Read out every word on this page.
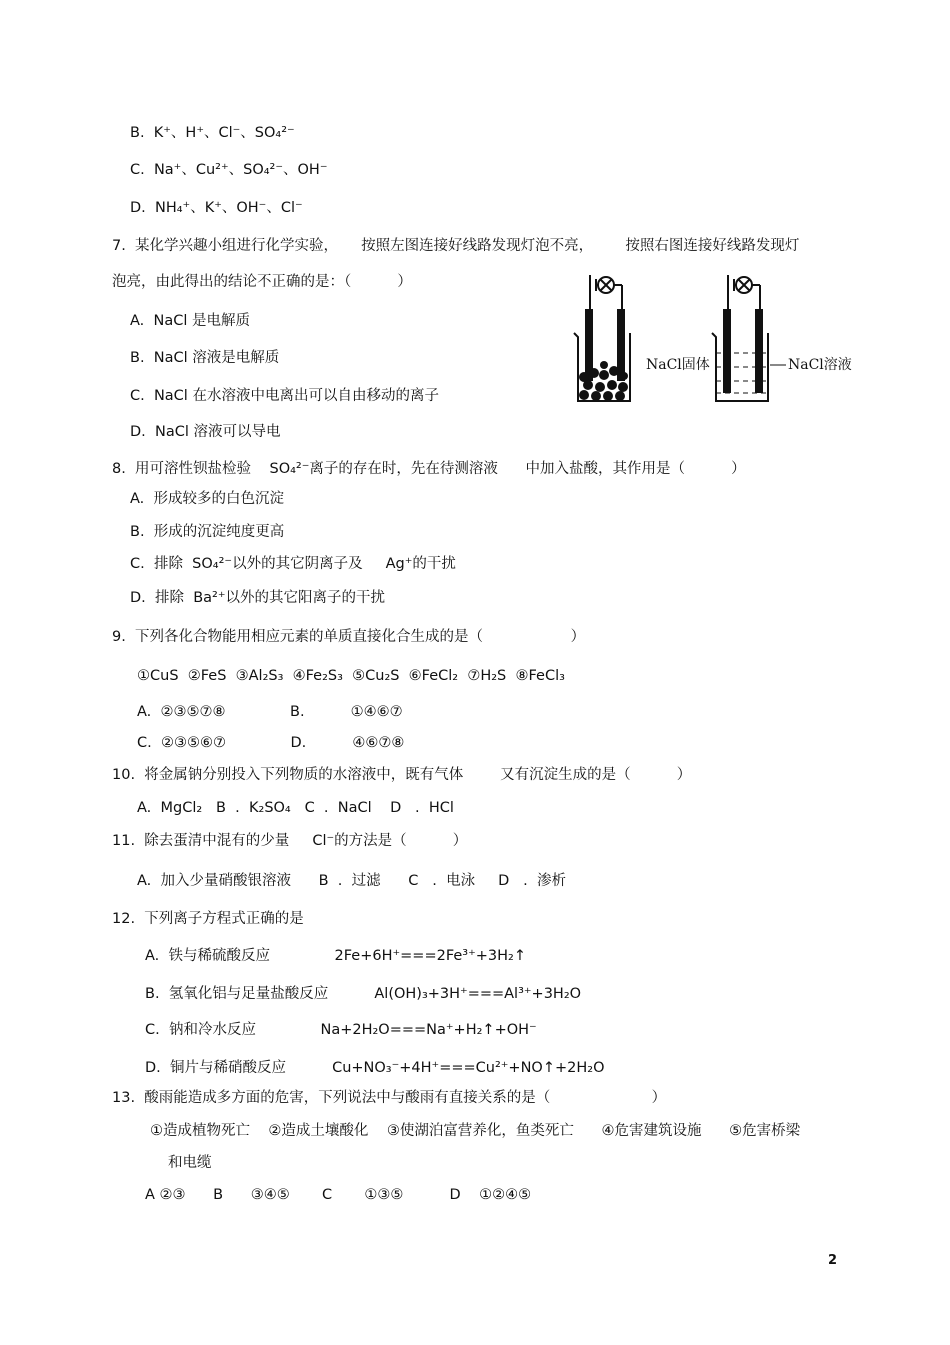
B.  K⁺、H⁺、Cl⁻、SO₄²⁻
C.  Na⁺、Cu²⁺、SO₄²⁻、OH⁻
D.  NH₄⁺、K⁺、OH⁻、Cl⁻
7.  某化学兴趣小组进行化学实验，     按照左图连接好线路发现灯泡不亮，       按照右图连接好线路发现灯
泡亮，由此得出的结论不正确的是：（          ）
A.  NaCl 是电解质
B.  NaCl 溶液是电解质
C.  NaCl 在水溶液中电离出可以自由移动的离子
D.  NaCl 溶液可以导电
8.  用可溶性钡盐检验    SO₄²⁻离子的存在时，先在待测溶液      中加入盐酸，其作用是（          ）
A.  形成较多的白色沉淀
B.  形成的沉淀纯度更高
C.  排除  SO₄²⁻以外的其它阴离子及     Ag⁺的干扰
D.  排除  Ba²⁺以外的其它阳离子的干扰
9.  下列各化合物能用相应元素的单质直接化合生成的是（                   ）
①CuS  ②FeS  ③Al₂S₃  ④Fe₂S₃  ⑤Cu₂S  ⑥FeCl₂  ⑦H₂S  ⑧FeCl₃
A.  ②③⑤⑦⑧              B.          ①④⑥⑦
C.  ②③⑤⑥⑦              D.          ④⑥⑦⑧
10.  将金属钠分别投入下列物质的水溶液中，既有气体        又有沉淀生成的是（          ）
A.  MgCl₂   B  .  K₂SO₄   C  .  NaCl    D   .  HCl
11.  除去蛋清中混有的少量     Cl⁻的方法是（          ）
A.  加入少量硝酸银溶液      B  .  过滤      C   .  电泳     D   .  渗析
12.  下列离子方程式正确的是
A.  铁与稀硫酸反应              2Fe+6H⁺===2Fe³⁺+3H₂↑
B.  氢氧化铝与足量盐酸反应          Al(OH)₃+3H⁺===Al³⁺+3H₂O
C.  钠和冷水反应              Na+2H₂O===Na⁺+H₂↑+OH⁻
D.  铜片与稀硝酸反应          Cu+NO₃⁻+4H⁺===Cu²⁺+NO↑+2H₂O
13.  酸雨能造成多方面的危害，下列说法中与酸雨有直接关系的是（                      ）
①造成植物死亡    ②造成土壤酸化    ③使湖泊富营养化，鱼类死亡      ④危害建筑设施      ⑤危害桥梁
和电缆
A ②③      B      ③④⑤       C       ①③⑤          D    ①②④⑤
NaCl固体	NaCl溶液
2
